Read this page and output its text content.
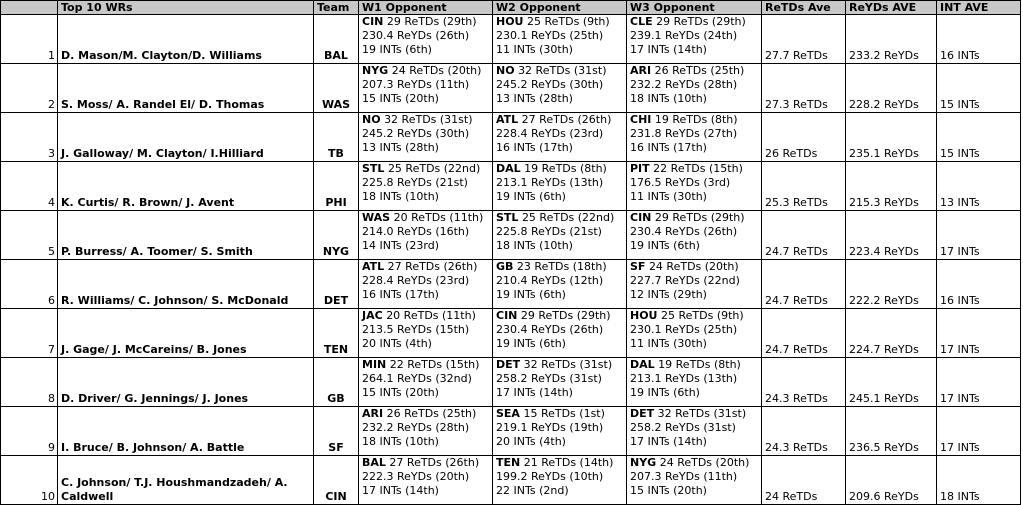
	Top 10 WRs	Team	W1 Opponent	W2 Opponent	W3 Opponent	ReTDs Ave	ReYDs AVE	INT AVE
1	D. Mason/M. Clayton/D. Williams	BAL	CIN 29 ReTDs (29th)
230.4 ReYDs (26th)
19 INTs (6th)	HOU 25 ReTDs (9th)
230.1 ReYDs (25th)
11 INTs (30th)	CLE 29 ReTDs (29th)
239.1 ReYDs (24th)
17 INTs (14th)	27.7 ReTDs	233.2 ReYDs	16 INTs
2	S. Moss/ A. Randel El/ D. Thomas	WAS	NYG 24 ReTDs (20th)
207.3 ReYDs (11th)
15 INTs (20th)	NO 32 ReTDs (31st)
245.2 ReYDs (30th)
13 INTs (28th)	ARI 26 ReTDs (25th)
232.2 ReYDs (28th)
18 INTs (10th)	27.3 ReTDs	228.2 ReYDs	15 INTs
3	J. Galloway/ M. Clayton/ I.Hilliard	TB	NO 32 ReTDs (31st)
245.2 ReYDs (30th)
13 INTs (28th)	ATL 27 ReTDs (26th)
228.4 ReYDs (23rd)
16 INTs (17th)	CHI 19 ReTDs (8th)
231.8 ReYDs (27th)
16 INTs (17th)	26 ReTDs	235.1 ReYDs	15 INTs
4	K. Curtis/ R. Brown/ J. Avent	PHI	STL 25 ReTDs (22nd)
225.8 ReYDs (21st)
18 INTs (10th)	DAL 19 ReTDs (8th)
213.1 ReYDs (13th)
19 INTs (6th)	PIT 22 ReTDs (15th)
176.5 ReYDs (3rd)
11 INTs (30th)	25.3 ReTDs	215.3 ReYDs	13 INTs
5	P. Burress/ A. Toomer/ S. Smith	NYG	WAS 20 ReTDs (11th)
214.0 ReYDs (16th)
14 INTs (23rd)	STL 25 ReTDs (22nd)
225.8 ReYDs (21st)
18 INTs (10th)	CIN 29 ReTDs (29th)
230.4 ReYDs (26th)
19 INTs (6th)	24.7 ReTDs	223.4 ReYDs	17 INTs
6	R. Williams/ C. Johnson/ S. McDonald	DET	ATL 27 ReTDs (26th)
228.4 ReYDs (23rd)
16 INTs (17th)	GB 23 ReTDs (18th)
210.4 ReYDs (12th)
19 INTs (6th)	SF 24 ReTDs (20th)
227.7 ReYDs (22nd)
12 INTs (29th)	24.7 ReTDs	222.2 ReYDs	16 INTs
7	J. Gage/ J. McCareins/ B. Jones	TEN	JAC 20 ReTDs (11th)
213.5 ReYDs (15th)
20 INTs (4th)	CIN 29 ReTDs (29th)
230.4 ReYDs (26th)
19 INTs (6th)	HOU 25 ReTDs (9th)
230.1 ReYDs (25th)
11 INTs (30th)	24.7 ReTDs	224.7 ReYDs	17 INTs
8	D. Driver/ G. Jennings/ J. Jones	GB	MIN 22 ReTDs (15th)
264.1 ReYDs (32nd)
15 INTs (20th)	DET 32 ReTDs (31st)
258.2 ReYDs (31st)
17 INTs (14th)	DAL 19 ReTDs (8th)
213.1 ReYDs (13th)
19 INTs (6th)	24.3 ReTDs	245.1 ReYDs	17 INTs
9	I. Bruce/ B. Johnson/ A. Battle	SF	ARI 26 ReTDs (25th)
232.2 ReYDs (28th)
18 INTs (10th)	SEA 15 ReTDs (1st)
219.1 ReYDs (19th)
20 INTs (4th)	DET 32 ReTDs (31st)
258.2 ReYDs (31st)
17 INTs (14th)	24.3 ReTDs	236.5 ReYDs	17 INTs
10	C. Johnson/ T.J. Houshmandzadeh/ A. Caldwell	CIN	BAL 27 ReTDs (26th)
222.3 ReYDs (20th)
17 INTs (14th)	TEN 21 ReTDs (14th)
199.2 ReYDs (10th)
22 INTs (2nd)	NYG 24 ReTDs (20th)
207.3 ReYDs (11th)
15 INTs (20th)	24 ReTDs	209.6 ReYDs	18 INTs
